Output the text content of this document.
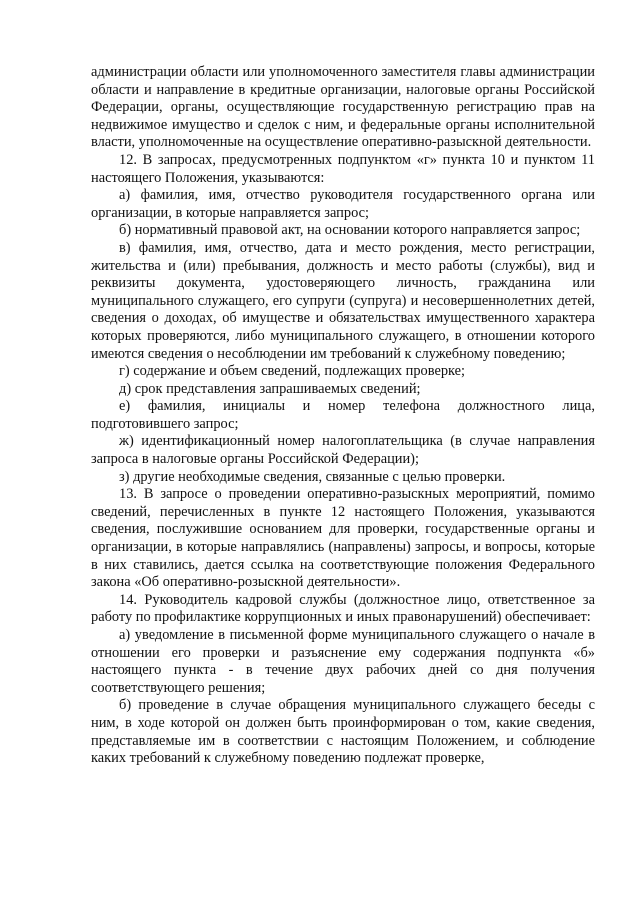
администрации области или уполномоченного заместителя главы администрации области и направление в кредитные организации, налоговые органы Российской Федерации, органы, осуществляющие государственную регистрацию прав на недвижимое имущество и сделок с ним, и федеральные органы исполнительной власти, уполномоченные на осуществление оперативно-разыскной деятельности.

12. В запросах, предусмотренных подпунктом «г» пункта 10 и пунктом 11 настоящего Положения, указываются:

а) фамилия, имя, отчество руководителя государственного органа или организации, в которые направляется запрос;

б) нормативный правовой акт, на основании которого направляется запрос;

в) фамилия, имя, отчество, дата и место рождения, место регистрации, жительства и (или) пребывания, должность и место работы (службы), вид и реквизиты документа, удостоверяющего личность, гражданина или муниципального служащего, его супруги (супруга) и несовершеннолетних детей, сведения о доходах, об имуществе и обязательствах имущественного характера которых проверяются, либо муниципального служащего, в отношении которого имеются сведения о несоблюдении им требований к служебному поведению;

г) содержание и объем сведений, подлежащих проверке;

д) срок представления запрашиваемых сведений;

е) фамилия, инициалы и номер телефона должностного лица, подготовившего запрос;

ж) идентификационный номер налогоплательщика (в случае направления запроса в налоговые органы Российской Федерации);

з) другие необходимые сведения, связанные с целью проверки.

13. В запросе о проведении оперативно-разыскных мероприятий, помимо сведений, перечисленных в пункте 12 настоящего Положения, указываются сведения, послужившие основанием для проверки, государственные органы и организации, в которые направлялись (направлены) запросы, и вопросы, которые в них ставились, дается ссылка на соответствующие положения Федерального закона «Об оперативно-розыскной деятельности».

14. Руководитель кадровой службы (должностное лицо, ответственное за работу по профилактике коррупционных и иных правонарушений) обеспечивает:

а) уведомление в письменной форме муниципального служащего о начале в отношении его проверки и разъяснение ему содержания подпункта «б» настоящего пункта - в течение двух рабочих дней со дня получения соответствующего решения;

б) проведение в случае обращения муниципального служащего беседы с ним, в ходе которой он должен быть проинформирован о том, какие сведения, представляемые им в соответствии с настоящим Положением, и соблюдение каких требований к служебному поведению подлежат проверке,
